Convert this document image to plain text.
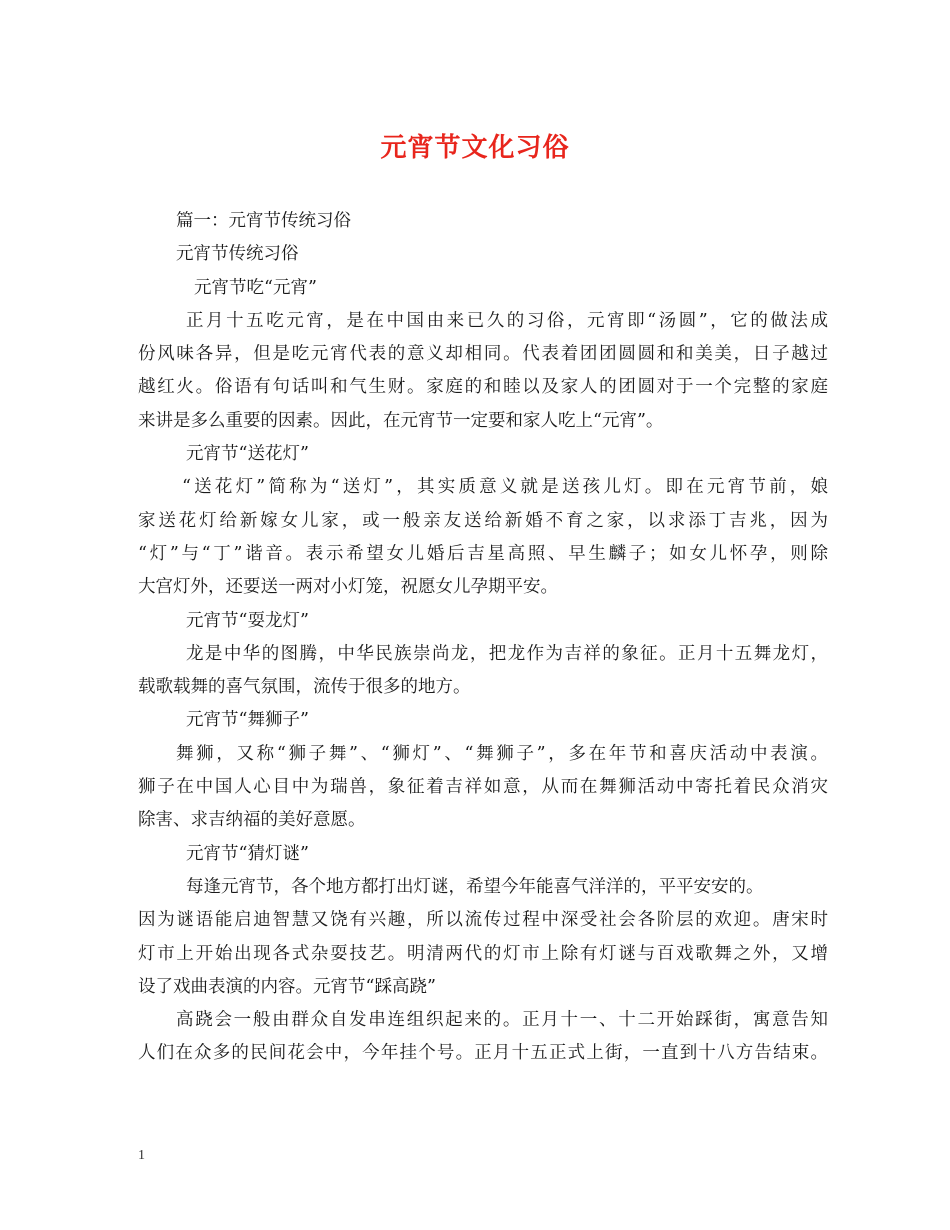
元宵节文化习俗
篇一：元宵节传统习俗
元宵节传统习俗
元宵节吃“元宵”
正月十五吃元宵，是在中国由来已久的习俗，元宵即“汤圆”，它的做法成
份风味各异，但是吃元宵代表的意义却相同。代表着团团圆圆和和美美，日子越过
越红火。俗语有句话叫和气生财。家庭的和睦以及家人的团圆对于一个完整的家庭
来讲是多么重要的因素。因此，在元宵节一定要和家人吃上“元宵”。
元宵节“送花灯”
“送花灯”简称为“送灯”，其实质意义就是送孩儿灯。即在元宵节前，娘
家送花灯给新嫁女儿家，或一般亲友送给新婚不育之家，以求添丁吉兆，因为
“灯”与“丁”谐音。表示希望女儿婚后吉星高照、早生麟子；如女儿怀孕，则除
大宫灯外，还要送一两对小灯笼，祝愿女儿孕期平安。
元宵节“耍龙灯”
龙是中华的图腾，中华民族崇尚龙，把龙作为吉祥的象征。正月十五舞龙灯，
载歌载舞的喜气氛围，流传于很多的地方。
元宵节“舞狮子”
舞狮，又称“狮子舞”、“狮灯”、“舞狮子”，多在年节和喜庆活动中表演。
狮子在中国人心目中为瑞兽，象征着吉祥如意，从而在舞狮活动中寄托着民众消灾
除害、求吉纳福的美好意愿。
元宵节“猜灯谜”
每逢元宵节，各个地方都打出灯谜，希望今年能喜气洋洋的，平平安安的。
因为谜语能启迪智慧又饶有兴趣，所以流传过程中深受社会各阶层的欢迎。唐宋时
灯市上开始出现各式杂耍技艺。明清两代的灯市上除有灯谜与百戏歌舞之外，又增
设了戏曲表演的内容。元宵节“踩高跷”
高跷会一般由群众自发串连组织起来的。正月十一、十二开始踩街，寓意告知
人们在众多的民间花会中，今年挂个号。正月十五正式上街，一直到十八方告结束。
1
